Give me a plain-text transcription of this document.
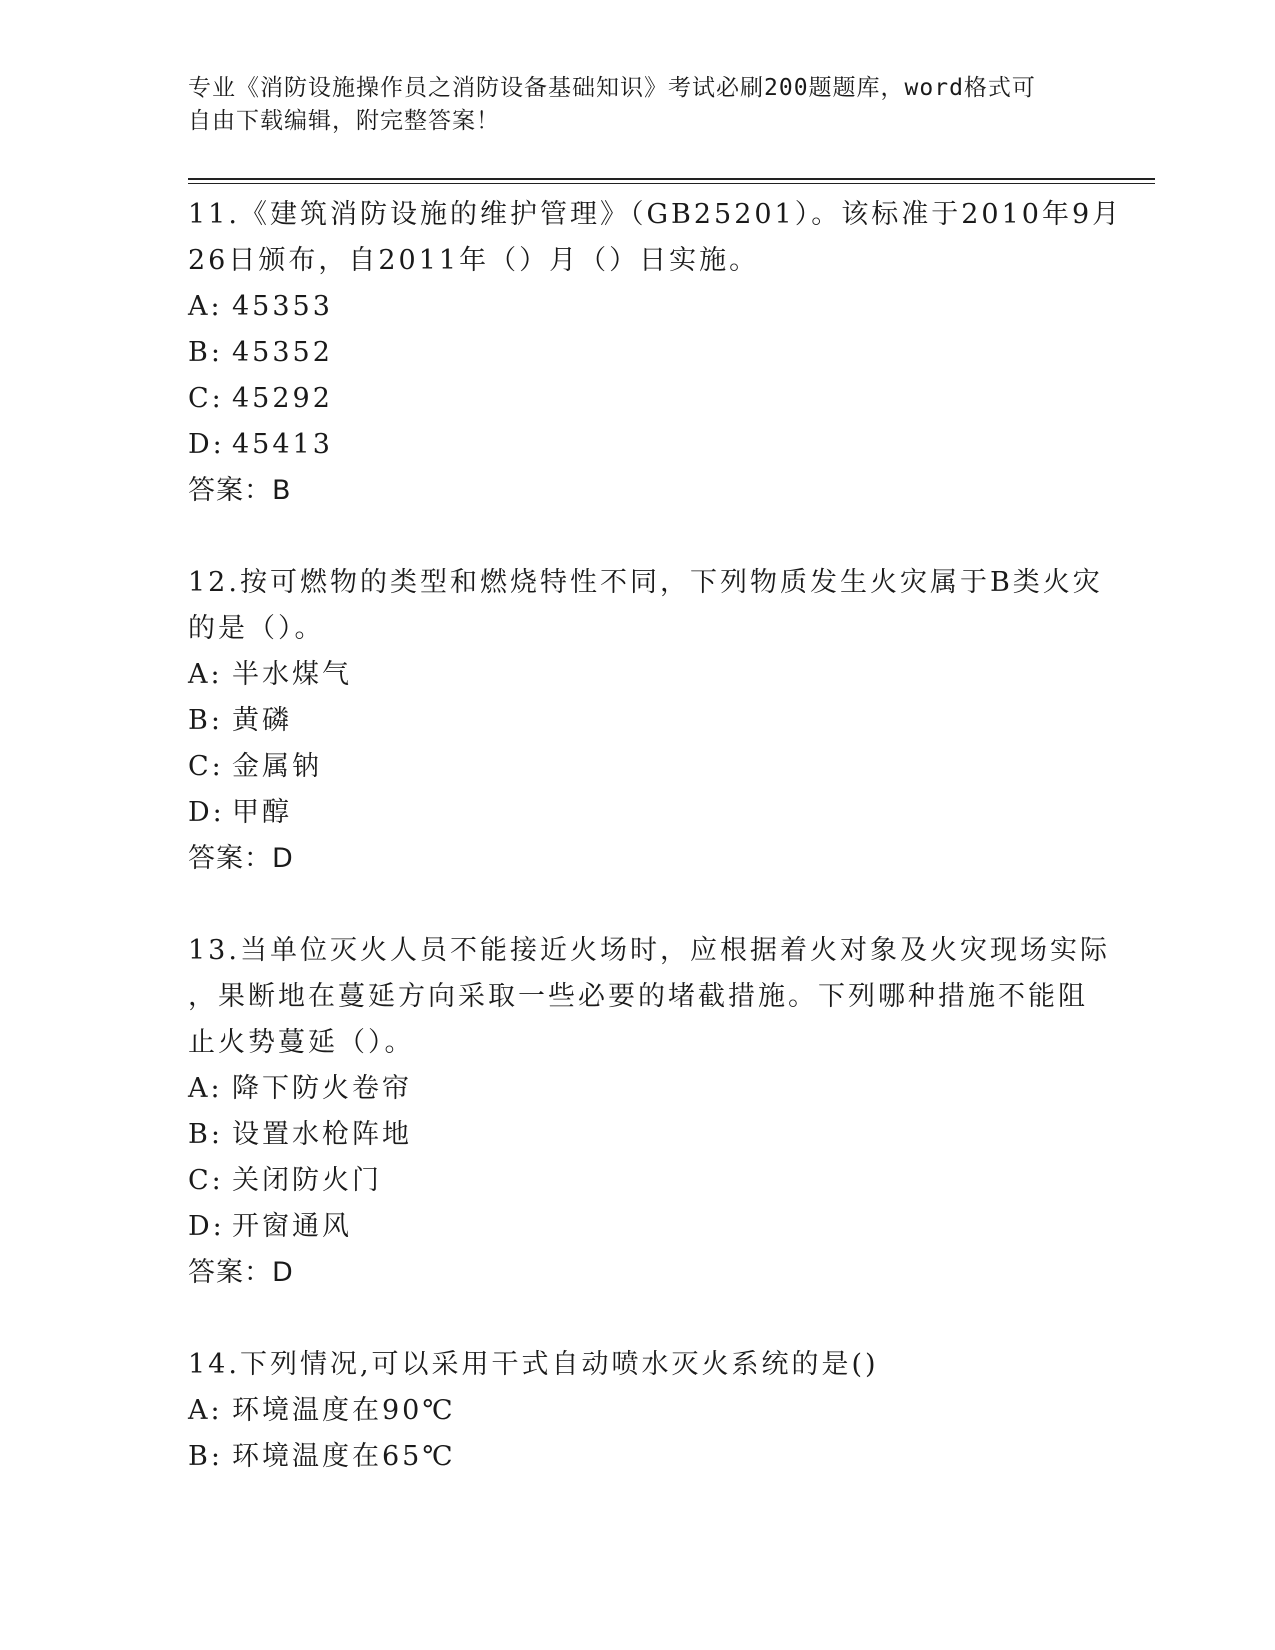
专业《消防设施操作员之消防设备基础知识》考试必刷200题题库，word格式可
自由下载编辑，附完整答案！
11.《建筑消防设施的维护管理》（GB25201）。该标准于2010年9月
26日颁布，自2011年（）月（）日实施。
A: 45353
B: 45352
C: 45292
D: 45413
答案：B
12.按可燃物的类型和燃烧特性不同，下列物质发生火灾属于B类火灾
的是（）。
A: 半水煤气
B: 黄磷
C: 金属钠
D: 甲醇
答案：D
13.当单位灭火人员不能接近火场时，应根据着火对象及火灾现场实际
，果断地在蔓延方向采取一些必要的堵截措施。下列哪种措施不能阻
止火势蔓延（）。
A: 降下防火卷帘
B: 设置水枪阵地
C: 关闭防火门
D: 开窗通风
答案：D
14.下列情况,可以采用干式自动喷水灭火系统的是()
A: 环境温度在90℃
B: 环境温度在65℃
